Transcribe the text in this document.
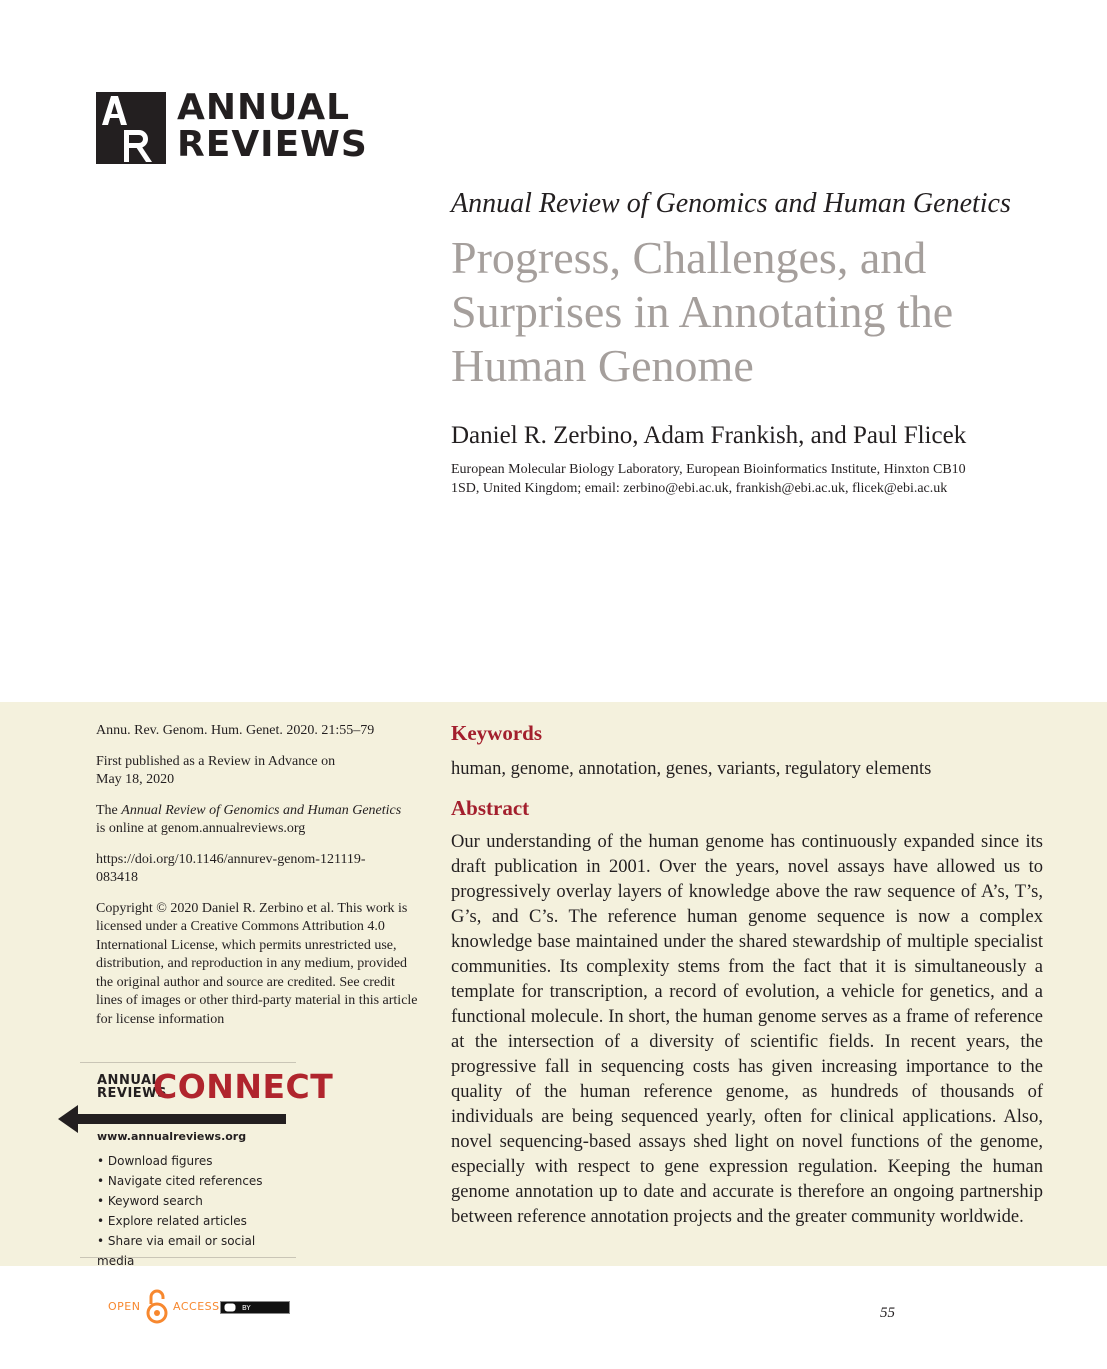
ANNUAL
REVIEWS
Annual Review of Genomics and Human Genetics
Progress, Challenges, and
Surprises in Annotating the
Human Genome
Daniel R. Zerbino, Adam Frankish, and Paul Flicek
European Molecular Biology Laboratory, European Bioinformatics Institute, Hinxton CB10
1SD, United Kingdom; email: zerbino@ebi.ac.uk, frankish@ebi.ac.uk, flicek@ebi.ac.uk

Annu. Rev. Genom. Hum. Genet. 2020. 21:55–79

First published as a Review in Advance on
May 18, 2020

The Annual Review of Genomics and Human Genetics
is online at genom.annualreviews.org

https://doi.org/10.1146/annurev-genom-121119-
083418

Copyright © 2020 Daniel R. Zerbino et al. This work is licensed under a Creative Commons Attribution 4.0 International License, which permits unrestricted use, distribution, and reproduction in any medium, provided the original author and source are credited. See credit lines of images or other third-party material in this article for license information

ANNUAL
REVIEWS
CONNECT
www.annualreviews.org
• Download figures
• Navigate cited references
• Keyword search
• Explore related articles
• Share via email or social media
Keywords
human, genome, annotation, genes, variants, regulatory elements
Abstract

Our understanding of the human genome has continuously expanded since its draft publication in 2001. Over the years, novel assays have allowed us to progressively overlay layers of knowledge above the raw sequence of A’s, T’s, G’s, and C’s. The reference human genome sequence is now a complex knowledge base maintained under the shared stewardship of multiple specialist communities. Its complexity stems from the fact that it is simultaneously a template for transcription, a record of evolution, a vehicle for genetics, and a functional molecule. In short, the human genome serves as a frame of reference at the intersection of a diversity of scientific fields. In recent years, the progressive fall in sequencing costs has given increasing importance to the quality of the human reference genome, as hundreds of thousands of individuals are being sequenced yearly, often for clinical applications. Also, novel sequencing-based assays shed light on novel functions of the genome, especially with respect to gene expression regulation. Keeping the human genome annotation up to date and accurate is therefore an ongoing partnership between reference annotation projects and the greater community worldwide.

OPEN	ACCESS	BY	55
